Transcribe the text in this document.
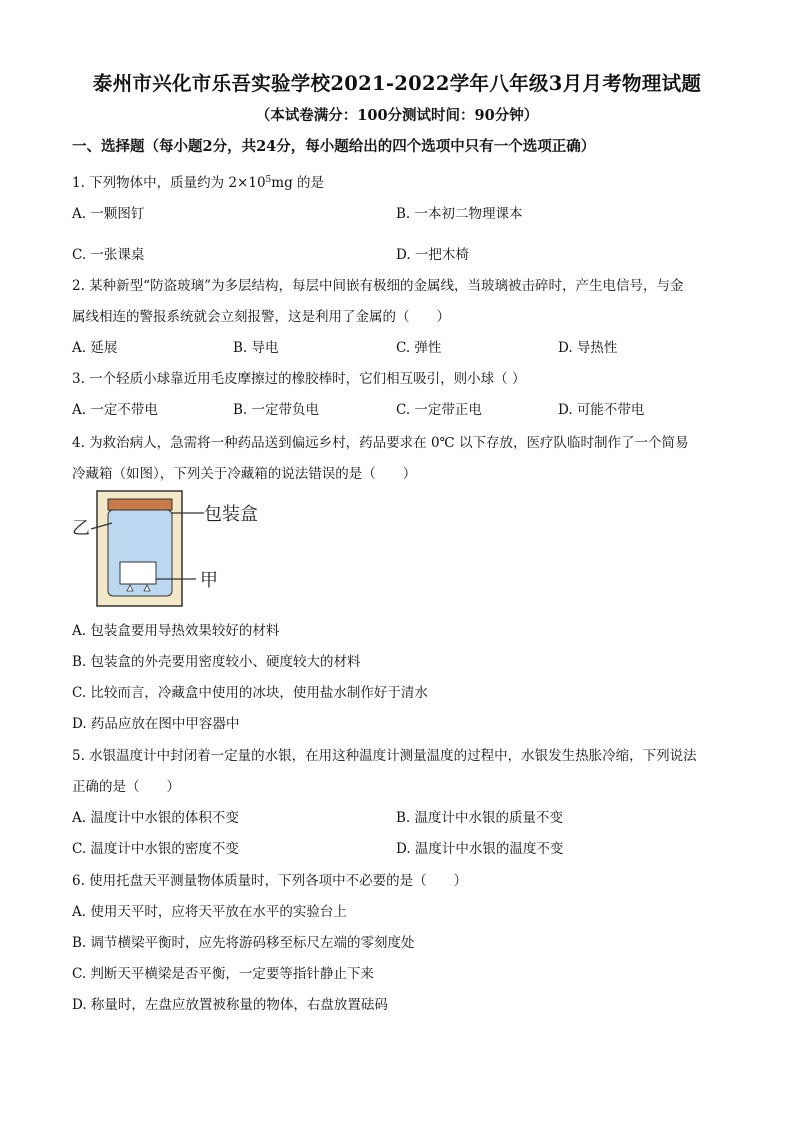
泰州市兴化市乐吾实验学校2021-2022学年八年级3月月考物理试题
（本试卷满分：100分测试时间：90分钟）
一、选择题（每小题2分，共24分，每小题给出的四个选项中只有一个选项正确）
1. 下列物体中，质量约为 $2\times 10^5mg$ 的是
A. 一颗图钉	B. 一本初二物理课本
C. 一张课桌	D. 一把木椅
2. 某种新型“防盗玻璃”为多层结构，每层中间嵌有极细的金属线，当玻璃被击碎时，产生电信号，与金
属线相连的警报系统就会立刻报警，这是利用了金属的（　　）
A. 延展	B. 导电	C. 弹性	D. 导热性
3. 一个轻质小球靠近用毛皮摩擦过的橡胶棒时，它们相互吸引，则小球（ ）
A. 一定不带电	B. 一定带负电	C. 一定带正电	D. 可能不带电
4. 为救治病人，急需将一种药品送到偏远乡村，药品要求在 0℃ 以下存放，医疗队临时制作了一个简易
冷藏箱（如图），下列关于冷藏箱的说法错误的是（　　）
包装盒
乙
甲
A. 包装盒要用导热效果较好的材料
B. 包装盒的外壳要用密度较小、硬度较大的材料
C. 比较而言，冷藏盒中使用的冰块，使用盐水制作好于清水
D. 药品应放在图中甲容器中
5. 水银温度计中封闭着一定量的水银，在用这种温度计测量温度的过程中，水银发生热胀冷缩，下列说法
正确的是（　　）
A. 温度计中水银的体积不变	B. 温度计中水银的质量不变
C. 温度计中水银的密度不变	D. 温度计中水银的温度不变
6. 使用托盘天平测量物体质量时，下列各项中不必要的是（　　）
A. 使用天平时，应将天平放在水平的实验台上
B. 调节横梁平衡时，应先将游码移至标尺左端的零刻度处
C. 判断天平横梁是否平衡，一定要等指针静止下来
D. 称量时，左盘应放置被称量的物体，右盘放置砝码
